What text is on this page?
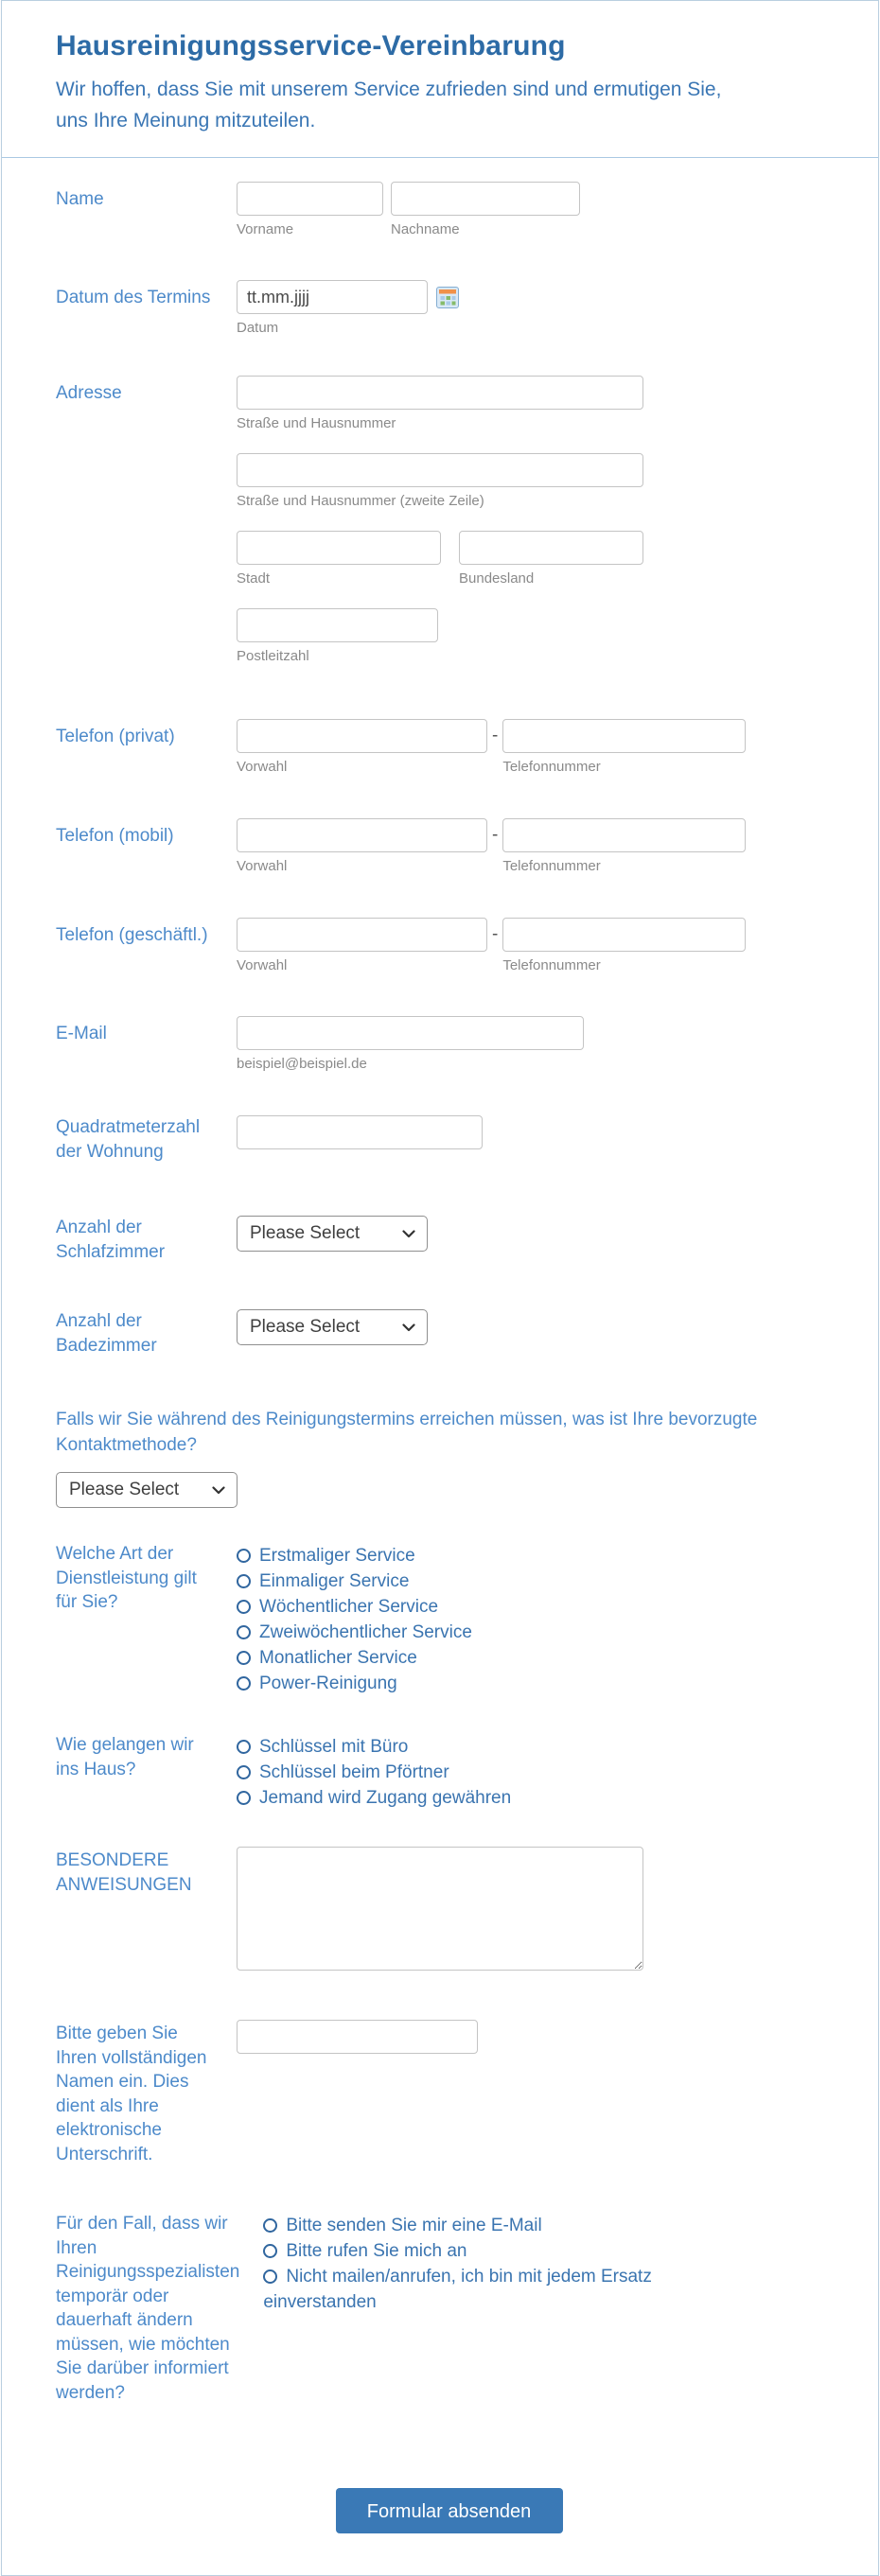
Hausreinigungsservice-Vereinbarung
Wir hoffen, dass Sie mit unserem Service zufrieden sind und ermutigen Sie,
uns Ihre Meinung mitzuteilen.
Name
Vorname	Nachname
Datum des Termins
tt.mm.jjjj
Datum
Adresse
Straße und Hausnummer
Straße und Hausnummer (zweite Zeile)
Stadt	Bundesland
Postleitzahl
Telefon (privat)
Vorwahl
-
Telefonnummer
Telefon (mobil)
Vorwahl
-
Telefonnummer
Telefon (geschäftl.)
Vorwahl
-
Telefonnummer
E-Mail
beispiel@beispiel.de
Quadratmeterzahl der Wohnung
Anzahl der Schlafzimmer
Please Select
Anzahl der Badezimmer
Please Select
Falls wir Sie während des Reinigungstermins erreichen müssen, was ist Ihre bevorzugte Kontaktmethode?
Please Select
Welche Art der Dienstleistung gilt für Sie?
Erstmaliger Service
Einmaliger Service
Wöchentlicher Service
Zweiwöchentlicher Service
Monatlicher Service
Power-Reinigung
Wie gelangen wir ins Haus?
Schlüssel mit Büro
Schlüssel beim Pförtner
Jemand wird Zugang gewähren
BESONDERE ANWEISUNGEN
Bitte geben Sie Ihren vollständigen Namen ein. Dies dient als Ihre elektronische Unterschrift.
Für den Fall, dass wir Ihren Reinigungsspezialisten temporär oder dauerhaft ändern müssen, wie möchten Sie darüber informiert werden?
Bitte senden Sie mir eine E-Mail
Bitte rufen Sie mich an
Nicht mailen/anrufen, ich bin mit jedem Ersatz einverstanden
Formular absenden
